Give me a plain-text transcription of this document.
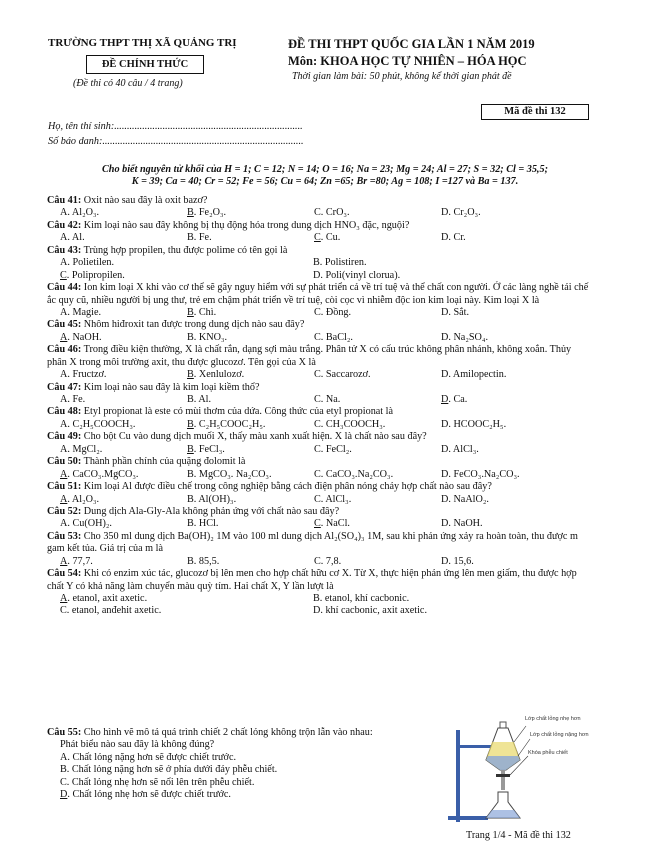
TRƯỜNG THPT THỊ XÃ QUẢNG TRỊ
ĐỀ CHÍNH THỨC
(Đề thi có 40 câu / 4 trang)
ĐỀ THI THPT QUỐC GIA LẦN 1 NĂM 2019
Môn: KHOA HỌC TỰ NHIÊN – HÓA HỌC
Thời gian làm bài: 50 phút, không kể thời gian phát đề
Mã đề thi 132
Họ, tên thí sinh:..........................................................................
Số báo danh:...............................................................................
Cho biết nguyên tử khối của H = 1; C = 12; N = 14; O = 16; Na = 23; Mg = 24; Al = 27; S = 32; Cl = 35,5;
K = 39; Ca = 40; Cr = 52; Fe = 56; Cu = 64; Zn =65; Br =80; Ag = 108; I =127 và Ba = 137.
Câu 41: Oxit nào sau đây là oxit bazơ?
A. Al₂O₃.	B. Fe₂O₃.	C. CrO₃.	D. Cr₂O₃.
Câu 42: Kim loại nào sau đây không bị thụ động hóa trong dung dịch HNO₃ đặc, nguội?
A. Al.	B. Fe.	C. Cu.	D. Cr.
Câu 43: Trùng hợp propilen, thu được polime có tên gọi là
A. Polietilen.	B. Polistiren.
C. Polipropilen.	D. Poli(vinyl clorua).
Câu 44: Ion kim loại X khi vào cơ thể sẽ gây nguy hiểm với sự phát triển cả về trí tuệ và thể chất con người. Ở các làng nghề tái chế ắc quy cũ, nhiều người bị ung thư, trẻ em chậm phát triển về trí tuệ, còi cọc vì nhiễm độc ion kim loại này. Kim loại X là
A. Magie.	B. Chì.	C. Đồng.	D. Sắt.
Câu 45: Nhôm hiđroxit tan được trong dung dịch nào sau đây?
A. NaOH.	B. KNO₃.	C. BaCl₂.	D. Na₂SO₄.
Câu 46: Trong điều kiện thường, X là chất rắn, dạng sợi màu trắng. Phân tử X có cấu trúc không phân nhánh, không xoắn. Thủy phân X trong môi trường axit, thu được glucozơ. Tên gọi của X là
A. Fructzơ.	B. Xenlulozơ.	C. Saccarozơ.	D. Amilopectin.
Câu 47: Kim loại nào sau đây là kim loại kiềm thổ?
A. Fe.	B. Al.	C. Na.	D. Ca.
Câu 48: Etyl propionat là este có mùi thơm của dứa. Công thức của etyl propionat là
A. C₂H₅COOCH₃.	B. C₂H₅COOC₂H₅.	C. CH₃COOCH₃.	D. HCOOC₂H₅.
Câu 49: Cho bột Cu vào dung dịch muối X, thấy màu xanh xuất hiện. X là chất nào sau đây?
A. MgCl₂.	B. FeCl₃.	C. FeCl₂.	D. AlCl₃.
Câu 50: Thành phần chính của quặng đolomit là
A. CaCO₃.MgCO₃.	B. MgCO₃. Na₂CO₃.	C. CaCO₃.Na₂CO₃.	D. FeCO₃.Na₂CO₃.
Câu 51: Kim loại Al được điều chế trong công nghiệp bằng cách điện phân nóng chảy hợp chất nào sau đây?
A. Al₂O₃.	B. Al(OH)₃.	C. AlCl₃.	D. NaAlO₂.
Câu 52: Dung dịch Ala-Gly-Ala không phản ứng với chất nào sau đây?
A. Cu(OH)₂.	B. HCl.	C. NaCl.	D. NaOH.
Câu 53: Cho 350 ml dung dịch Ba(OH)₂ 1M vào 100 ml dung dịch Al₂(SO₄)₃ 1M, sau khi phản ứng xảy ra hoàn toàn, thu được m gam kết tủa. Giá trị của m là
A. 77,7.	B. 85,5.	C. 7,8.	D. 15,6.
Câu 54: Khi có enzim xúc tác, glucozơ bị lên men cho hợp chất hữu cơ X. Từ X, thực hiện phản ứng lên men giấm, thu được hợp chất Y có khả năng làm chuyển màu quỳ tím. Hai chất X, Y lần lượt là
A. etanol, axit axetic.	B. etanol, khí cacbonic.
C. etanol, anđehit axetic.	D. khí cacbonic, axit axetic.
Câu 55: Cho hình vẽ mô tả quá trình chiết 2 chất lỏng không trộn lẫn vào nhau:
Phát biểu nào sau đây là không đúng?
A. Chất lỏng nặng hơn sẽ được chiết trước.
B. Chất lỏng nặng hơn sẽ ở phía dưới đáy phễu chiết.
C. Chất lỏng nhẹ hơn sẽ nổi lên trên phễu chiết.
D. Chất lỏng nhẹ hơn sẽ được chiết trước.
Lớp chất lỏng nhẹ hơn
Lớp chất lỏng nặng hơn
Khóa phễu chiết
Trang 1/4 - Mã đề thi 132
